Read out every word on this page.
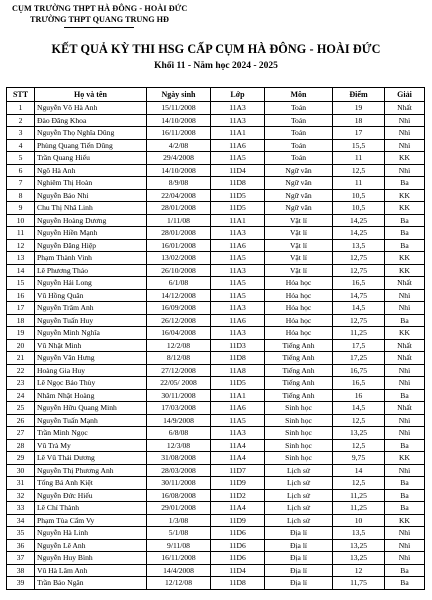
CỤM TRƯỜNG THPT HÀ ĐÔNG - HOÀI ĐỨC
TRƯỜNG THPT QUANG TRUNG HĐ
KẾT QUẢ KỲ THI HSG CẤP CỤM HÀ ĐÔNG - HOÀI ĐỨC
Khối 11 - Năm học 2024 - 2025
STT	Họ và tên	Ngày sinh	Lớp	Môn	Điểm	Giải
1	Nguyễn Võ Hà Anh	15/11/2008	11A3	Toán	19	Nhất
2	Đào Đăng Khoa	14/10/2008	11A3	Toán	18	Nhì
3	Nguyễn Thọ Nghĩa Dũng	16/11/2008	11A1	Toán	17	Nhì
4	Phùng Quang Tiến Dũng	4/2/08	11A6	Toán	15,5	Nhì
5	Trần Quang Hiếu	29/4/2008	11A5	Toán	11	KK
6	Ngô Hà Anh	14/10/2008	11D4	Ngữ văn	12,5	Nhì
7	Nghiêm Thị Hoàn	8/9/08	11D8	Ngữ văn	11	Ba
8	Nguyễn Bảo Nhi	22/04/2008	11D5	Ngữ văn	10,5	KK
9	Chu Thị Nhã Linh	28/01/2008	11D5	Ngữ văn	10,5	KK
10	Nguyễn Hoàng Dương	1/11/08	11A1	Vật lí	14,25	Ba
11	Nguyễn Hiền Mạnh	28/01/2008	11A3	Vật lí	14,25	Ba
12	Nguyễn Đăng Hiệp	16/01/2008	11A6	Vật lí	13,5	Ba
13	Phạm Thành Vinh	13/02/2008	11A5	Vật lí	12,75	KK
14	Lê Phương Thảo	26/10/2008	11A3	Vật lí	12,75	KK
15	Nguyễn Hải Long	6/1/08	11A5	Hóa học	16,5	Nhất
16	Vũ Hồng Quân	14/12/2008	11A5	Hóa học	14,75	Nhì
17	Nguyễn Trâm Anh	16/09/2008	11A3	Hóa học	14,5	Nhì
18	Nguyễn Tuấn Huy	26/12/2008	11A6	Hóa học	12,75	Ba
19	Nguyễn Minh Nghĩa	16/04/2008	11A3	Hóa học	11,25	KK
20	Vũ Nhật Minh	12/2/08	11D3	Tiếng Anh	17,5	Nhất
21	Nguyễn Vân Hưng	8/12/08	11D8	Tiếng Anh	17,25	Nhất
22	Hoàng Gia Huy	27/12/2008	11A8	Tiếng Anh	16,75	Nhì
23	Lê Ngọc Bảo Thùy	22/05/ 2008	11D5	Tiếng Anh	16,5	Nhì
24	Nhâm Nhật Hoàng	30/11/2008	11A1	Tiếng Anh	16	Ba
25	Nguyễn Hữu Quang Minh	17/03/2008	11A6	Sinh học	14,5	Nhất
26	Nguyễn Tuấn Mạnh	14/9/2008	11A5	Sinh học	12,5	Nhì
27	Trần Minh Ngọc	6/8/08	11A3	Sinh học	13,25	Nhì
28	Vũ Trà My	12/3/08	11A4	Sinh học	12,5	Ba
29	Lê Vũ Thái Dương	31/08/2008	11A4	Sinh học	9,75	KK
30	Nguyễn Thị Phương Anh	28/03/2008	11D7	Lịch sử	14	Nhì
31	Tống Bá Anh Kiệt	30/11/2008	11D9	Lịch sử	12,5	Ba
32	Nguyễn Đức Hiếu	16/08/2008	11D2	Lịch sử	11,25	Ba
33	Lê Chí Thành	29/01/2008	11A4	Lịch sử	11,25	Ba
34	Phạm Tùa Cẩm Vy	1/3/08	11D9	Lịch sử	10	KK
35	Nguyễn Hà Linh	5/1/08	11D6	Địa lí	13,5	Nhì
36	Nguyễn Lê Anh	9/11/08	11D6	Địa lí	13,25	Nhì
37	Nguyễn Huy Bình	16/11/2008	11D6	Địa lí	13,25	Nhì
38	Vũ Hà Lâm Anh	14/4/2008	11D4	Địa lí	12	Ba
39	Trần Bảo Ngân	12/12/08	11D8	Địa lí	11,75	Ba
